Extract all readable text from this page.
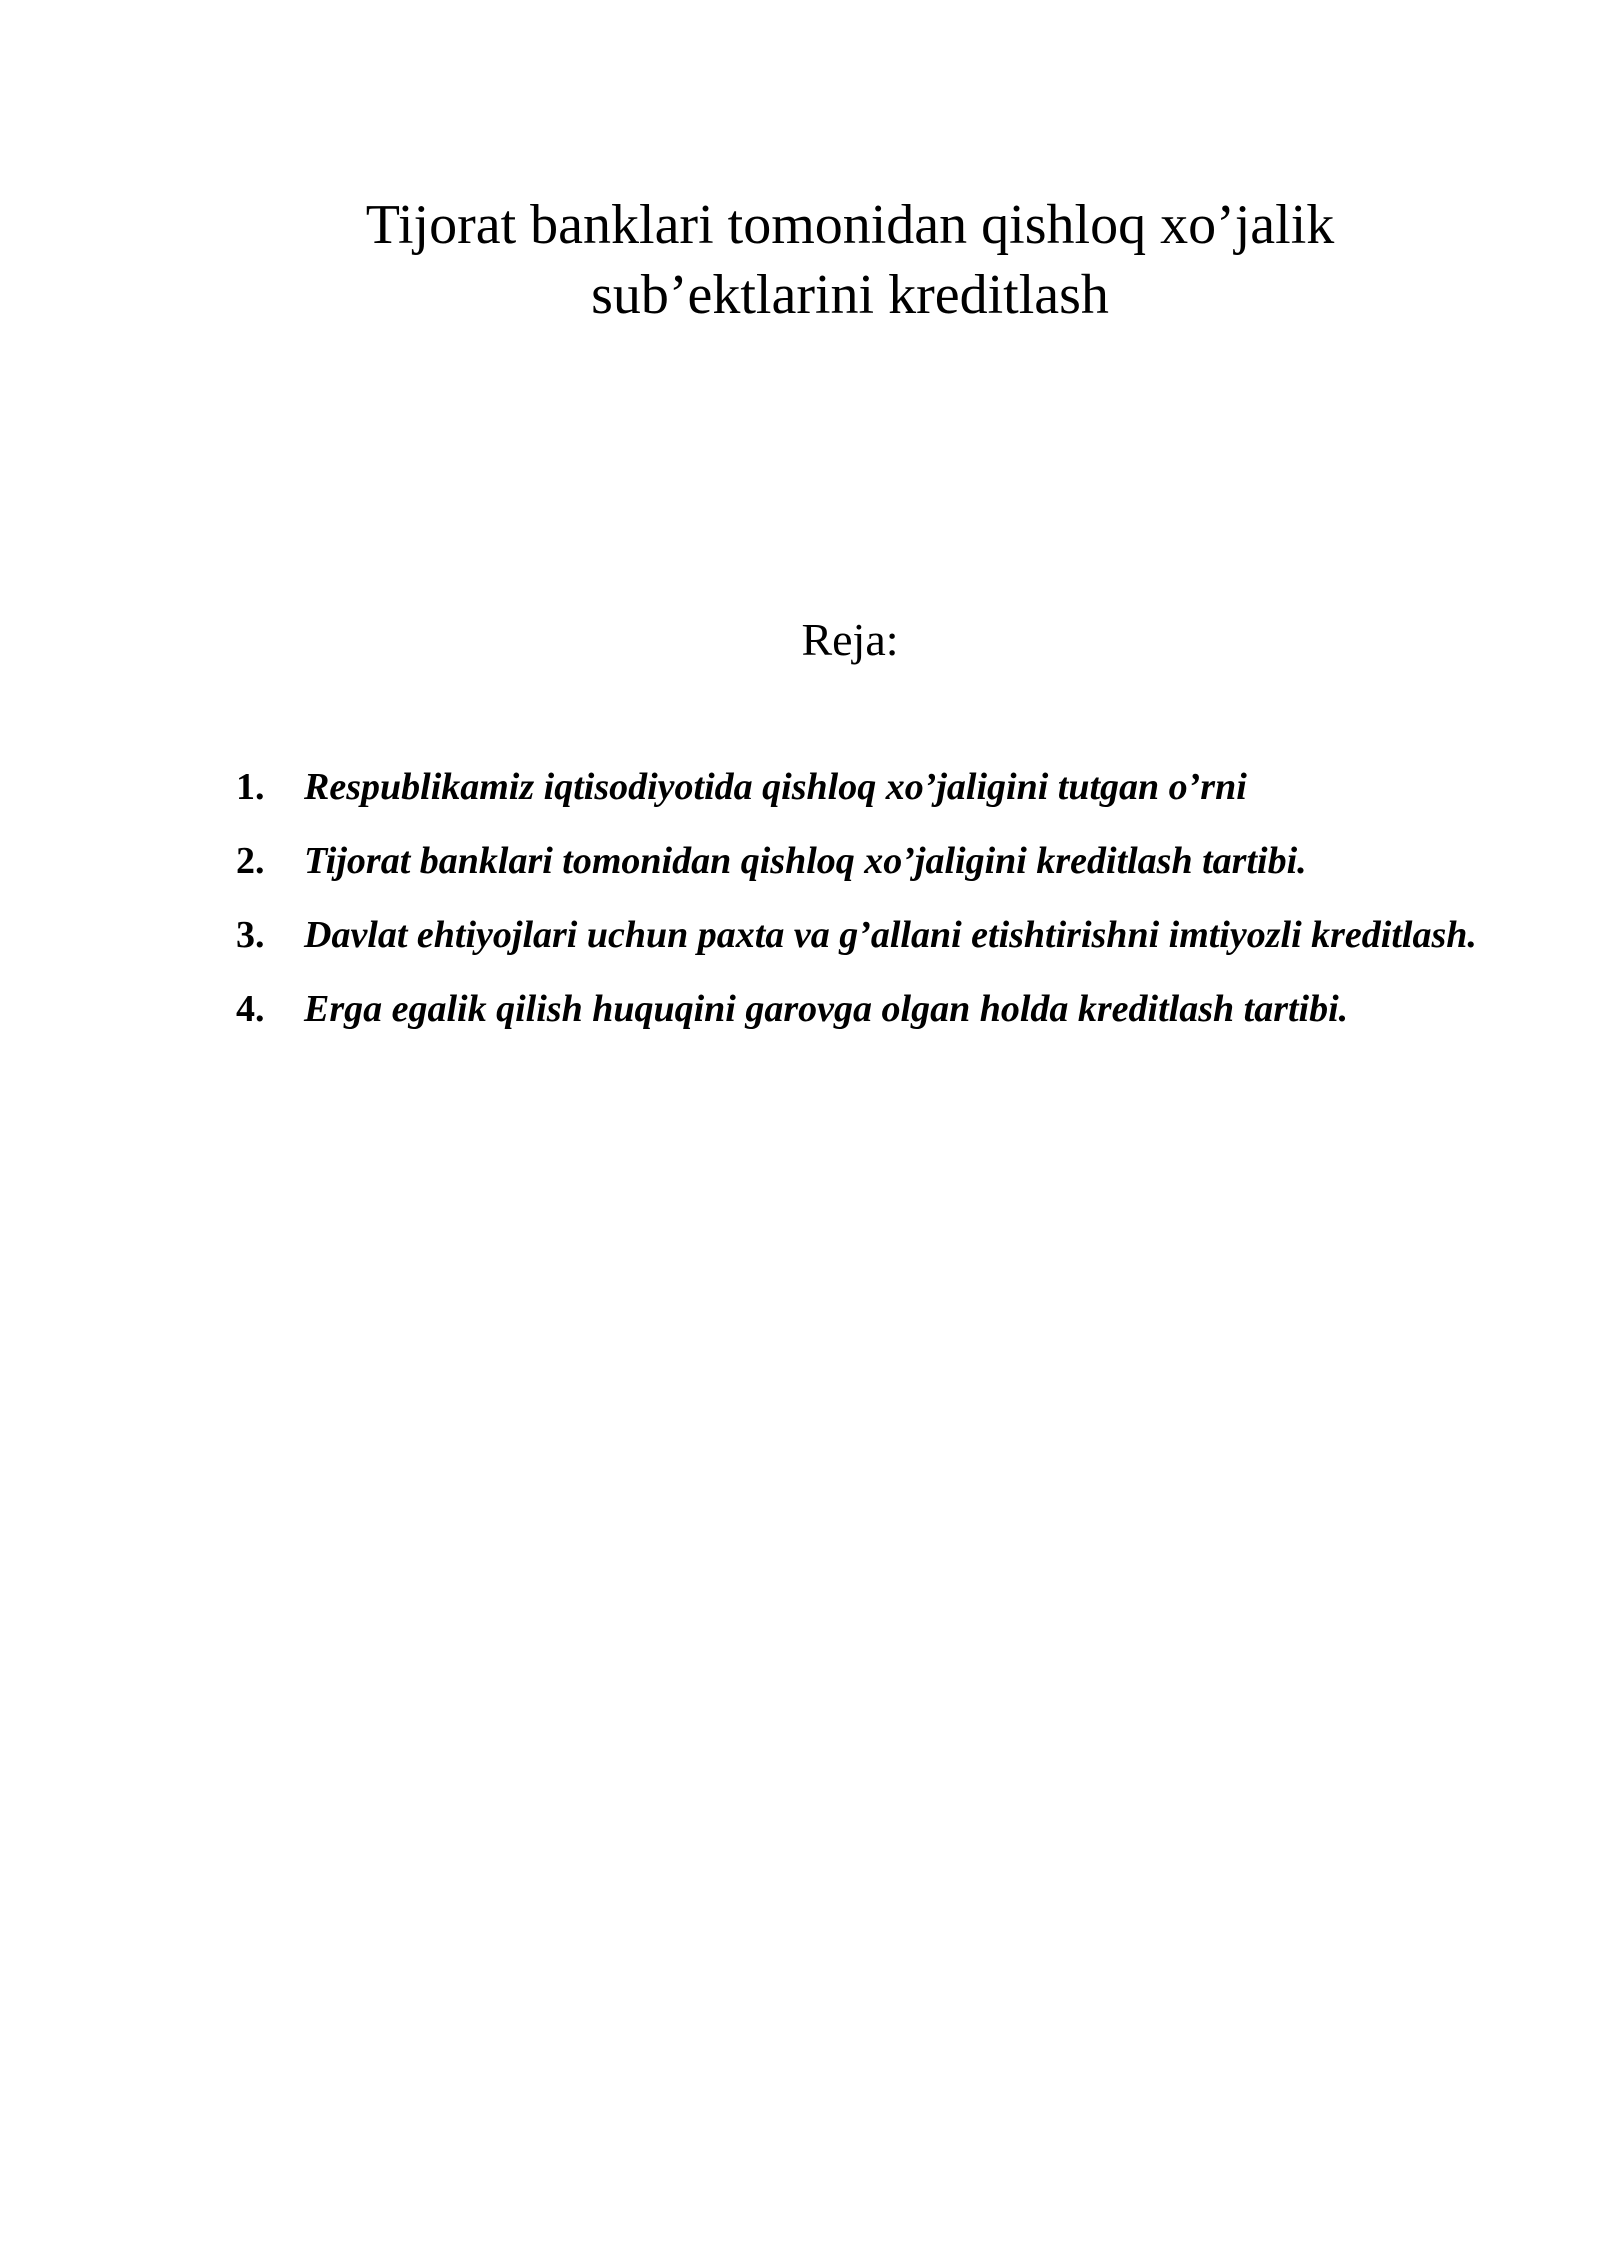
Tijorat banklari tomonidan qishloq xo’jalik
sub’ektlarini kreditlash
Reja:
1. Respublikamiz iqtisodiyotida qishloq xo’jaligini tutgan o’rni
2. Tijorat banklari tomonidan qishloq xo’jaligini kreditlash tartibi.
3. Davlat ehtiyojlari uchun paxta va g’allani etishtirishni imtiyozli kreditlash.
4. Erga egalik qilish huquqini garovga olgan holda kreditlash tartibi.
